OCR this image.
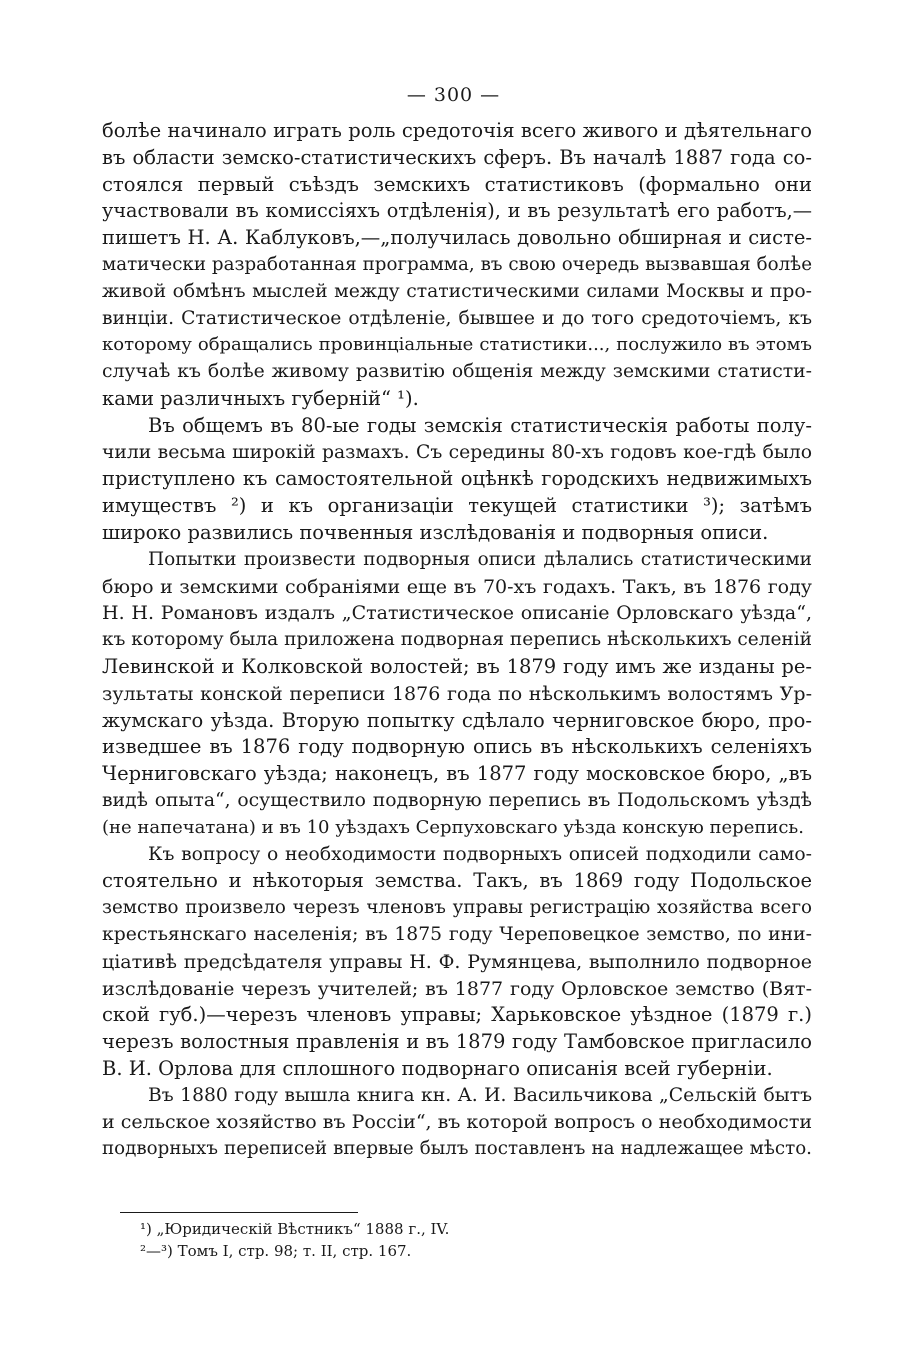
— 300 —
болѣе начинало играть роль средоточія всего живого и дѣятельнаго
въ области земско-статистическихъ сферъ. Въ началѣ 1887 года со-
стоялся первый съѣздъ земскихъ статистиковъ (формально они
участвовали въ комиссіяхъ отдѣленія), и въ результатѣ его работъ,—
пишетъ Н. А. Каблуковъ,—„получилась довольно обширная и систе-
матически разработанная программа, въ свою очередь вызвавшая болѣе
живой обмѣнъ мыслей между статистическими силами Москвы и про-
винціи. Статистическое отдѣленіе, бывшее и до того средоточіемъ, къ
которому обращались провинціальные статистики..., послужило въ этомъ
случаѣ къ болѣе живому развитію общенія между земскими статисти-
ками различныхъ губерній“ ¹).
Въ общемъ въ 80-ые годы земскія статистическія работы полу-
чили весьма широкій размахъ. Съ середины 80-хъ годовъ кое-гдѣ было
приступлено къ самостоятельной оцѣнкѣ городскихъ недвижимыхъ
имуществъ ²) и къ организаціи текущей статистики ³); затѣмъ
широко развились почвенныя изслѣдованія и подворныя описи.
Попытки произвести подворныя описи дѣлались статистическими
бюро и земскими собраніями еще въ 70-хъ годахъ. Такъ, въ 1876 году
Н. Н. Романовъ издалъ „Статистическое описаніе Орловскаго уѣзда“,
къ которому была приложена подворная перепись нѣсколькихъ селеній
Левинской и Колковской волостей; въ 1879 году имъ же изданы ре-
зультаты конской переписи 1876 года по нѣсколькимъ волостямъ Ур-
жумскаго уѣзда. Вторую попытку сдѣлало черниговское бюро, про-
изведшее въ 1876 году подворную опись въ нѣсколькихъ селеніяхъ
Черниговскаго уѣзда; наконецъ, въ 1877 году московское бюро, „въ
видѣ опыта“, осуществило подворную перепись въ Подольскомъ уѣздѣ
(не напечатана) и въ 10 уѣздахъ Серпуховскаго уѣзда конскую перепись.
Къ вопросу о необходимости подворныхъ описей подходили само-
стоятельно и нѣкоторыя земства. Такъ, въ 1869 году Подольское
земство произвело черезъ членовъ управы регистрацію хозяйства всего
крестьянскаго населенія; въ 1875 году Череповецкое земство, по ини-
ціативѣ предсѣдателя управы Н. Ф. Румянцева, выполнило подворное
изслѣдованіе черезъ учителей; въ 1877 году Орловское земство (Вят-
ской губ.)—черезъ членовъ управы; Харьковское уѣздное (1879 г.)
черезъ волостныя правленія и въ 1879 году Тамбовское пригласило
В. И. Орлова для сплошного подворнаго описанія всей губерніи.
Въ 1880 году вышла книга кн. А. И. Васильчикова „Сельскій бытъ
и сельское хозяйство въ Россіи“, въ которой вопросъ о необходимости
подворныхъ переписей впервые былъ поставленъ на надлежащее мѣсто.
¹) „Юридическій Вѣстникъ“ 1888 г., IV.
²—³) Томъ I, стр. 98; т. II, стр. 167.
